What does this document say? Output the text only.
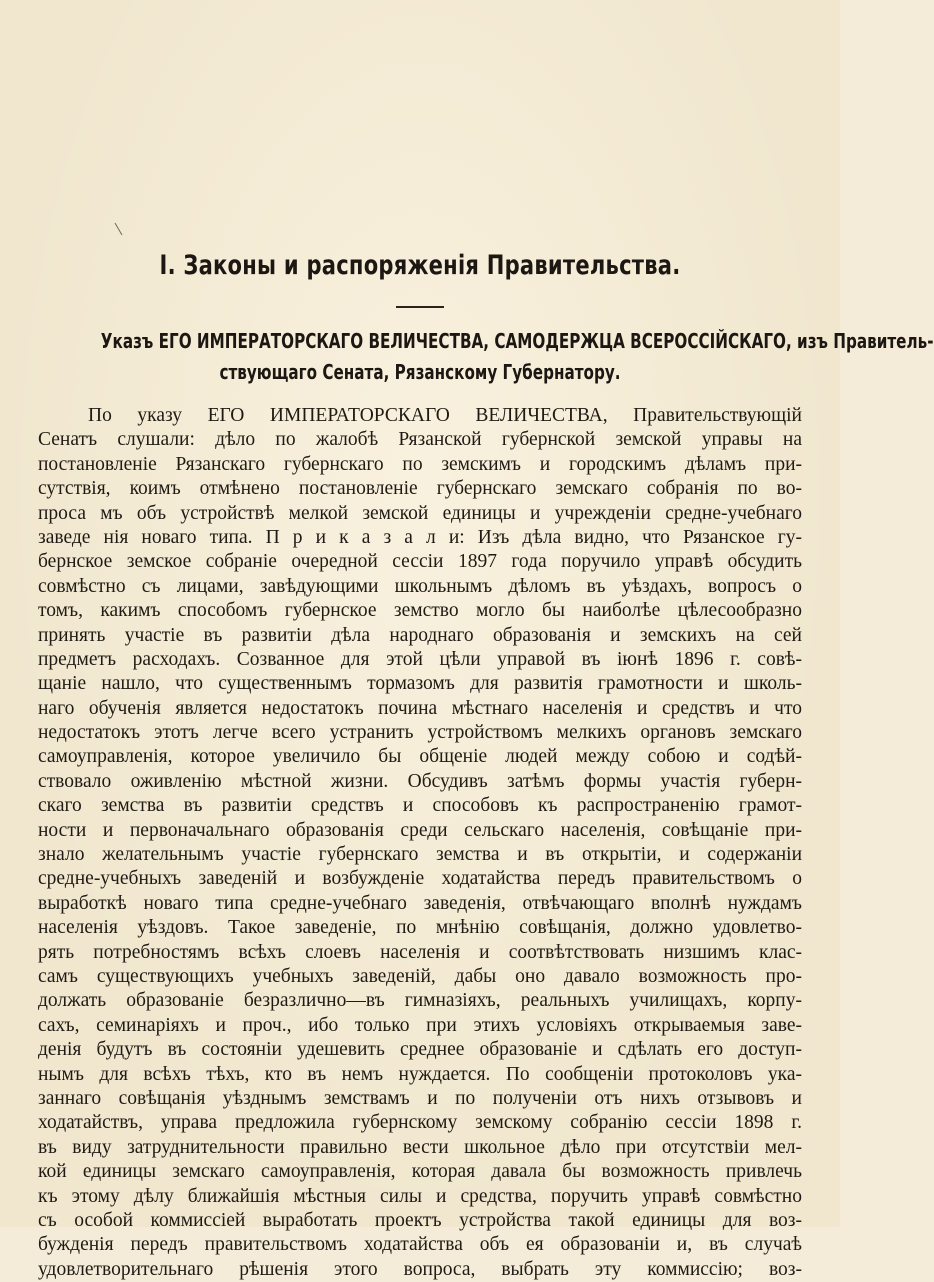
I. Законы и распоряженія Правительства.
Указъ ЕГО ИМПЕРАТОРСКАГО ВЕЛИЧЕСТВА, САМОДЕРЖЦА ВСЕРОССІЙСКАГО, изъ Правитель-
ствующаго Сената, Рязанскому Губернатору.
По указу ЕГО ИМПЕРАТОРСКАГО ВЕЛИЧЕСТВА, Правительствующій
Сенатъ слушали: дѣло по жалобѣ Рязанской губернской земской управы на
постановленіе Рязанскаго губернскаго по земскимъ и городскимъ дѣламъ при-
сутствія, коимъ отмѣнено постановленіе губернскаго земскаго собранія по во-
проса мъ объ устройствѣ мелкой земской единицы и учрежденіи средне-учебнаго
заведе нія новаго типа. П р и к а з а л и: Изъ дѣла видно, что Рязанское гу-
бернское земское собраніе очередной сессіи 1897 года поручило управѣ обсудить
совмѣстно съ лицами, завѣдующими школьнымъ дѣломъ въ уѣздахъ, вопросъ о
томъ, какимъ способомъ губернское земство могло бы наиболѣе цѣлесообразно
принять участіе въ развитіи дѣла народнаго образованія и земскихъ на сей
предметъ расходахъ. Созванное для этой цѣли управой въ іюнѣ 1896 г. совѣ-
щаніе нашло, что существеннымъ тормазомъ для развитія грамотности и школь-
наго обученія является недостатокъ почина мѣстнаго населенія и средствъ и что
недостатокъ этотъ легче всего устранить устройствомъ мелкихъ органовъ земскаго
самоуправленія, которое увеличило бы общеніе людей между собою и содѣй-
ствовало оживленію мѣстной жизни. Обсудивъ затѣмъ формы участія губерн-
скаго земства въ развитіи средствъ и способовъ къ распространенію грамот-
ности и первоначальнаго образованія среди сельскаго населенія, совѣщаніе при-
знало желательнымъ участіе губернскаго земства и въ открытіи, и содержаніи
средне-учебныхъ заведеній и возбужденіе ходатайства передъ правительствомъ о
выработкѣ новаго типа средне-учебнаго заведенія, отвѣчающаго вполнѣ нуждамъ
населенія уѣздовъ. Такое заведеніе, по мнѣнію совѣщанія, должно удовлетво-
рять потребностямъ всѣхъ слоевъ населенія и соотвѣтствовать низшимъ клас-
самъ существующихъ учебныхъ заведеній, дабы оно давало возможность про-
должать образованіе безразлично—въ гимназіяхъ, реальныхъ училищахъ, корпу-
сахъ, семинаріяхъ и проч., ибо только при этихъ условіяхъ открываемыя заве-
денія будутъ въ состояніи удешевить среднее образованіе и сдѣлать его доступ-
нымъ для всѣхъ тѣхъ, кто въ немъ нуждается. По сообщеніи протоколовъ ука-
заннаго совѣщанія уѣзднымъ земствамъ и по полученіи отъ нихъ отзывовъ и
ходатайствъ, управа предложила губернскому земскому собранію сессіи 1898 г.
въ виду затруднительности правильно вести школьное дѣло при отсутствіи мел-
кой единицы земскаго самоуправленія, которая давала бы возможность привлечь
къ этому дѣлу ближайшія мѣстныя силы и средства, поручить управѣ совмѣстно
съ особой коммиссіей выработать проектъ устройства такой единицы для воз-
бужденія передъ правительствомъ ходатайства объ ея образованіи и, въ случаѣ
удовлетворительнаго рѣшенія этого вопроса, выбрать эту коммиссію; воз-
